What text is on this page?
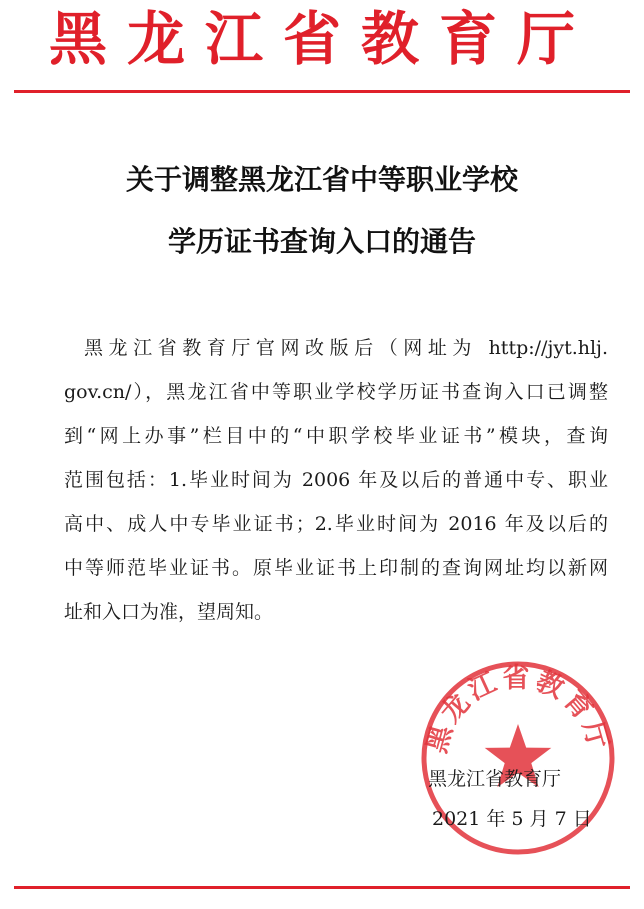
黑龙江省教育厅
关于调整黑龙江省中等职业学校
学历证书查询入口的通告
黑龙江省教育厅官网改版后（网址为 http://jyt.hlj.
gov.cn/），黑龙江省中等职业学校学历证书查询入口已调整
到“网上办事”栏目中的“中职学校毕业证书”模块，查询
范围包括：1.毕业时间为 2006 年及以后的普通中专、职业
高中、成人中专毕业证书；2.毕业时间为 2016 年及以后的
中等师范毕业证书。原毕业证书上印制的查询网址均以新网
址和入口为准，望周知。
黑龙江省教育厅
黑龙江省教育厅
2021 年 5 月 7 日
